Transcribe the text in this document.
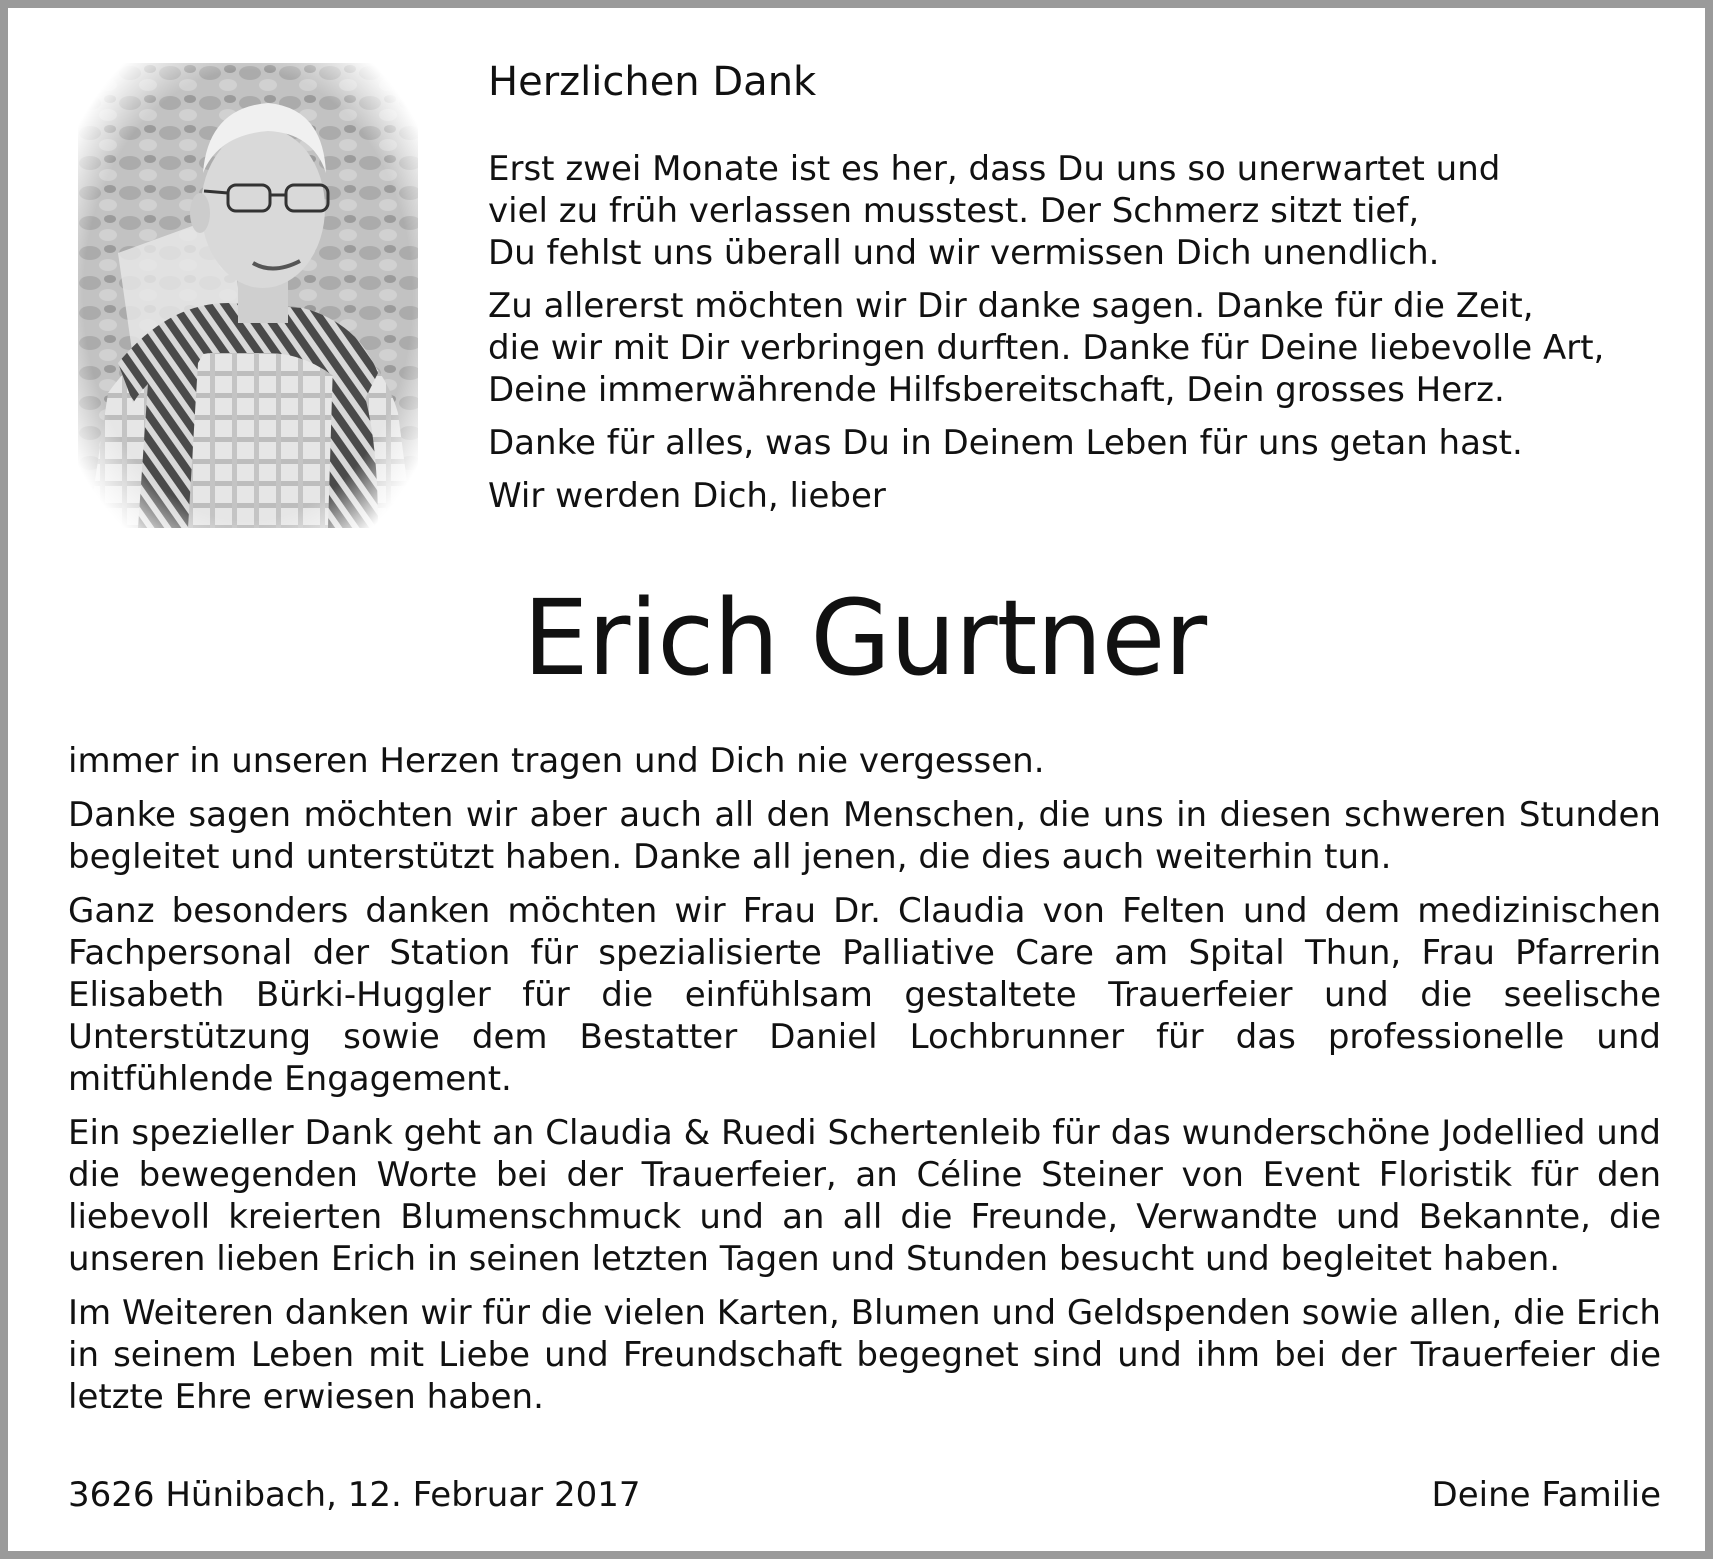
Herzlichen Dank

Erst zwei Monate ist es her, dass Du uns so unerwartet und
viel zu früh verlassen musstest. Der Schmerz sitzt tief,
Du fehlst uns überall und wir vermissen Dich unendlich.

Zu allererst möchten wir Dir danke sagen. Danke für die Zeit,
die wir mit Dir verbringen durften. Danke für Deine liebevolle Art,
Deine immerwährende Hilfsbereitschaft, Dein grosses Herz.

Danke für alles, was Du in Deinem Leben für uns getan hast.

Wir werden Dich, lieber

Erich Gurtner

immer in unseren Herzen tragen und Dich nie vergessen.

Danke sagen möchten wir aber auch all den Menschen, die uns in diesen schweren Stunden begleitet und unterstützt haben. Danke all jenen, die dies auch weiterhin tun.

Ganz besonders danken möchten wir Frau Dr. Claudia von Felten und dem medizinischen Fachpersonal der Station für spezialisierte Palliative Care am Spital Thun, Frau Pfarrerin Elisabeth Bürki-Huggler für die einfühlsam gestaltete Trauerfeier und die seelische Unterstützung sowie dem Bestatter Daniel Lochbrunner für das professionelle und mitfühlende Engagement.

Ein spezieller Dank geht an Claudia & Ruedi Schertenleib für das wunderschöne Jodellied und die bewegenden Worte bei der Trauerfeier, an Céline Steiner von Event Floristik für den liebevoll kreierten Blumenschmuck und an all die Freunde, Verwandte und Bekannte, die unseren lieben Erich in seinen letzten Tagen und Stunden besucht und begleitet haben.

Im Weiteren danken wir für die vielen Karten, Blumen und Geldspenden sowie allen, die Erich in seinem Leben mit Liebe und Freundschaft begegnet sind und ihm bei der Trauerfeier die letzte Ehre erwiesen haben.

3626 Hünibach, 12. Februar 2017	Deine Familie
